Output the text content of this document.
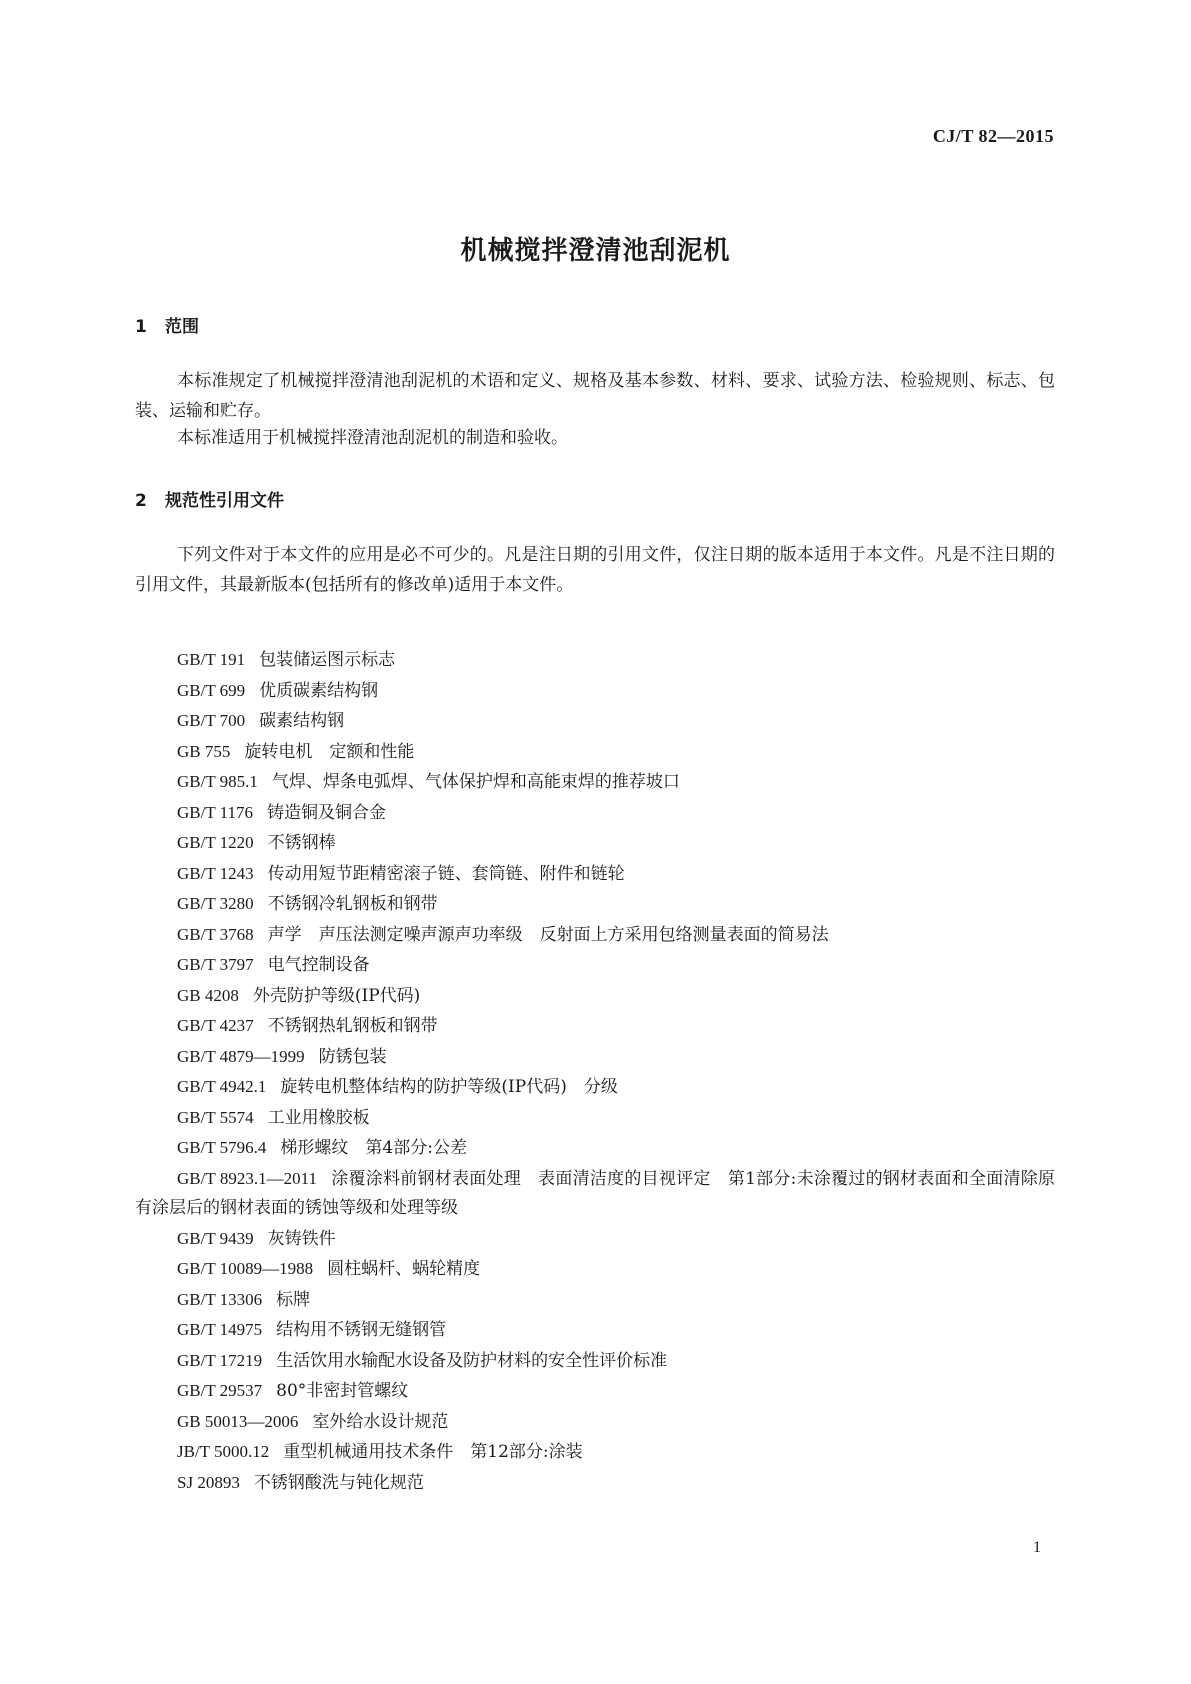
CJ/T 82—2015
机械搅拌澄清池刮泥机
1 范围
本标准规定了机械搅拌澄清池刮泥机的术语和定义、规格及基本参数、材料、要求、试验方法、检验规则、标志、包装、运输和贮存。
本标准适用于机械搅拌澄清池刮泥机的制造和验收。
2 规范性引用文件
下列文件对于本文件的应用是必不可少的。凡是注日期的引用文件，仅注日期的版本适用于本文件。凡是不注日期的引用文件，其最新版本(包括所有的修改单)适用于本文件。
GB/T 191 包装储运图示标志
GB/T 699 优质碳素结构钢
GB/T 700 碳素结构钢
GB 755 旋转电机　定额和性能
GB/T 985.1 气焊、焊条电弧焊、气体保护焊和高能束焊的推荐坡口
GB/T 1176 铸造铜及铜合金
GB/T 1220 不锈钢棒
GB/T 1243 传动用短节距精密滚子链、套筒链、附件和链轮
GB/T 3280 不锈钢冷轧钢板和钢带
GB/T 3768 声学　声压法测定噪声源声功率级　反射面上方采用包络测量表面的简易法
GB/T 3797 电气控制设备
GB 4208 外壳防护等级(IP代码)
GB/T 4237 不锈钢热轧钢板和钢带
GB/T 4879—1999 防锈包装
GB/T 4942.1 旋转电机整体结构的防护等级(IP代码)　分级
GB/T 5574 工业用橡胶板
GB/T 5796.4 梯形螺纹　第4部分:公差
GB/T 8923.1—2011 涂覆涂料前钢材表面处理　表面清洁度的目视评定　第1部分:未涂覆过的钢材表面和全面清除原有涂层后的钢材表面的锈蚀等级和处理等级
GB/T 9439 灰铸铁件
GB/T 10089—1988 圆柱蜗杆、蜗轮精度
GB/T 13306 标牌
GB/T 14975 结构用不锈钢无缝钢管
GB/T 17219 生活饮用水输配水设备及防护材料的安全性评价标准
GB/T 29537 80°非密封管螺纹
GB 50013—2006 室外给水设计规范
JB/T 5000.12 重型机械通用技术条件　第12部分:涂装
SJ 20893 不锈钢酸洗与钝化规范
1
